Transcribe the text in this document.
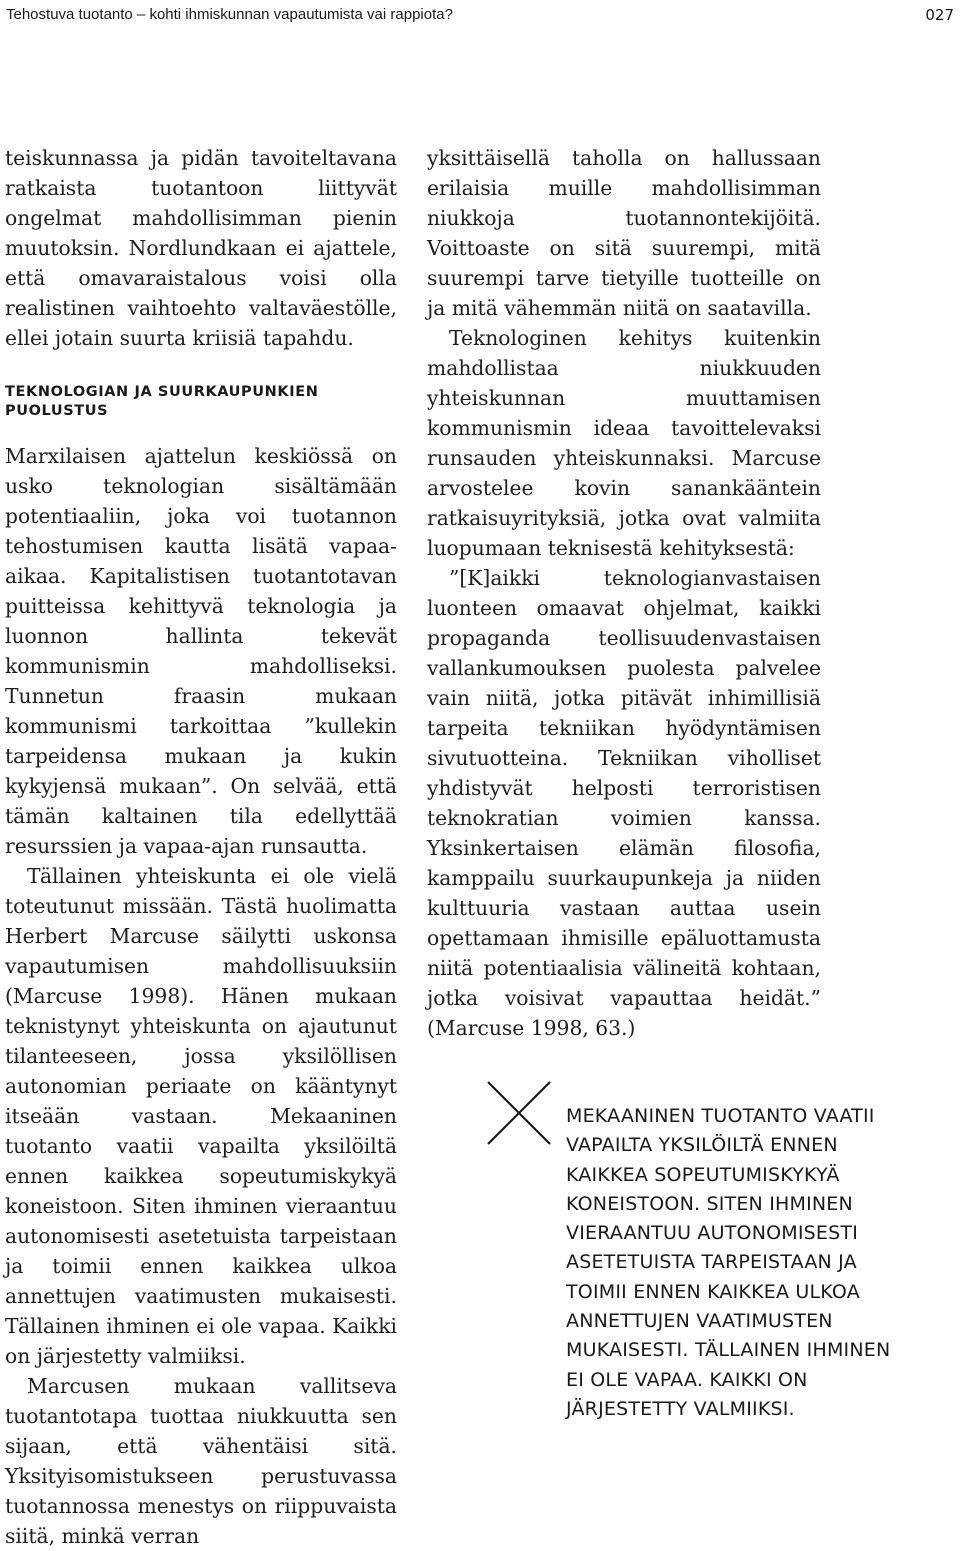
Tehostuva tuotanto – kohti ihmiskunnan vapautumista vai rappiota?	027

teiskunnassa ja pidän tavoiteltavana ratkaista tuotantoon liittyvät ongelmat mahdollisimman pienin muutoksin. Nordlundkaan ei ajattele, että omavaraistalous voisi olla realistinen vaihtoehto valtaväestölle, ellei jotain suurta kriisiä tapahdu.

TEKNOLOGIAN JA SUURKAUPUNKIEN PUOLUSTUS

Marxilaisen ajattelun keskiössä on usko teknologian sisältämään potentiaaliin, joka voi tuotannon tehostumisen kautta lisätä vapaa-aikaa. Kapitalistisen tuotantotavan puitteissa kehittyvä teknologia ja luonnon hallinta tekevät kommunismin mahdolliseksi. Tunnetun fraasin mukaan kommunismi tarkoittaa ”kullekin tarpeidensa mukaan ja kukin kykyjensä mukaan”. On selvää, että tämän kaltainen tila edellyttää resurssien ja vapaa-ajan runsautta.

Tällainen yhteiskunta ei ole vielä toteutunut missään. Tästä huolimatta Herbert Marcuse säilytti uskonsa vapautumisen mahdollisuuksiin (Marcuse 1998). Hänen mukaan teknistynyt yhteiskunta on ajautunut tilanteeseen, jossa yksilöllisen autonomian periaate on kääntynyt itseään vastaan. Mekaaninen tuotanto vaatii vapailta yksilöiltä ennen kaikkea sopeutumiskykyä koneistoon. Siten ihminen vieraantuu autonomisesti asetetuista tarpeistaan ja toimii ennen kaikkea ulkoa annettujen vaatimusten mukaisesti. Tällainen ihminen ei ole vapaa. Kaikki on järjestetty valmiiksi.

Marcusen mukaan vallitseva tuotantotapa tuottaa niukkuutta sen sijaan, että vähentäisi sitä. Yksityisomistukseen perustuvassa tuotannossa menestys on riippuvaista siitä, minkä verran

yksittäisellä taholla on hallussaan erilaisia muille mahdollisimman niukkoja tuotannontekijöitä. Voittoaste on sitä suurempi, mitä suurempi tarve tietyille tuotteille on ja mitä vähemmän niitä on saatavilla.

Teknologinen kehitys kuitenkin mahdollistaa niukkuuden yhteiskunnan muuttamisen kommunismin ideaa tavoittelevaksi runsauden yhteiskunnaksi. Marcuse arvostelee kovin sanankääntein ratkaisuyrityksiä, jotka ovat valmiita luopumaan teknisestä kehityksestä:

”[K]aikki teknologianvastaisen luonteen omaavat ohjelmat, kaikki propaganda teollisuudenvastaisen vallankumouksen puolesta palvelee vain niitä, jotka pitävät inhimillisiä tarpeita tekniikan hyödyntämisen sivutuotteina. Tekniikan viholliset yhdistyvät helposti terroristisen teknokratian voimien kanssa. Yksinkertaisen elämän filosofia, kamppailu suurkaupunkeja ja niiden kulttuuria vastaan auttaa usein opettamaan ihmisille epäluottamusta niitä potentiaalisia välineitä kohtaan, jotka voisivat vapauttaa heidät.” (Marcuse 1998, 63.)

MEKAANINEN TUOTANTO VAATII VAPAILTA YKSILÖILTÄ ENNEN KAIKKEA SOPEUTUMISKYKYÄ KONEISTOON. SITEN IHMINEN VIERAANTUU AUTONOMISESTI ASETETUISTA TARPEISTAAN JA TOIMII ENNEN KAIKKEA ULKOA ANNETTUJEN VAATIMUSTEN MUKAISESTI. TÄLLAINEN IHMINEN EI OLE VAPAA. KAIKKI ON JÄRJESTETTY VALMIIKSI.
